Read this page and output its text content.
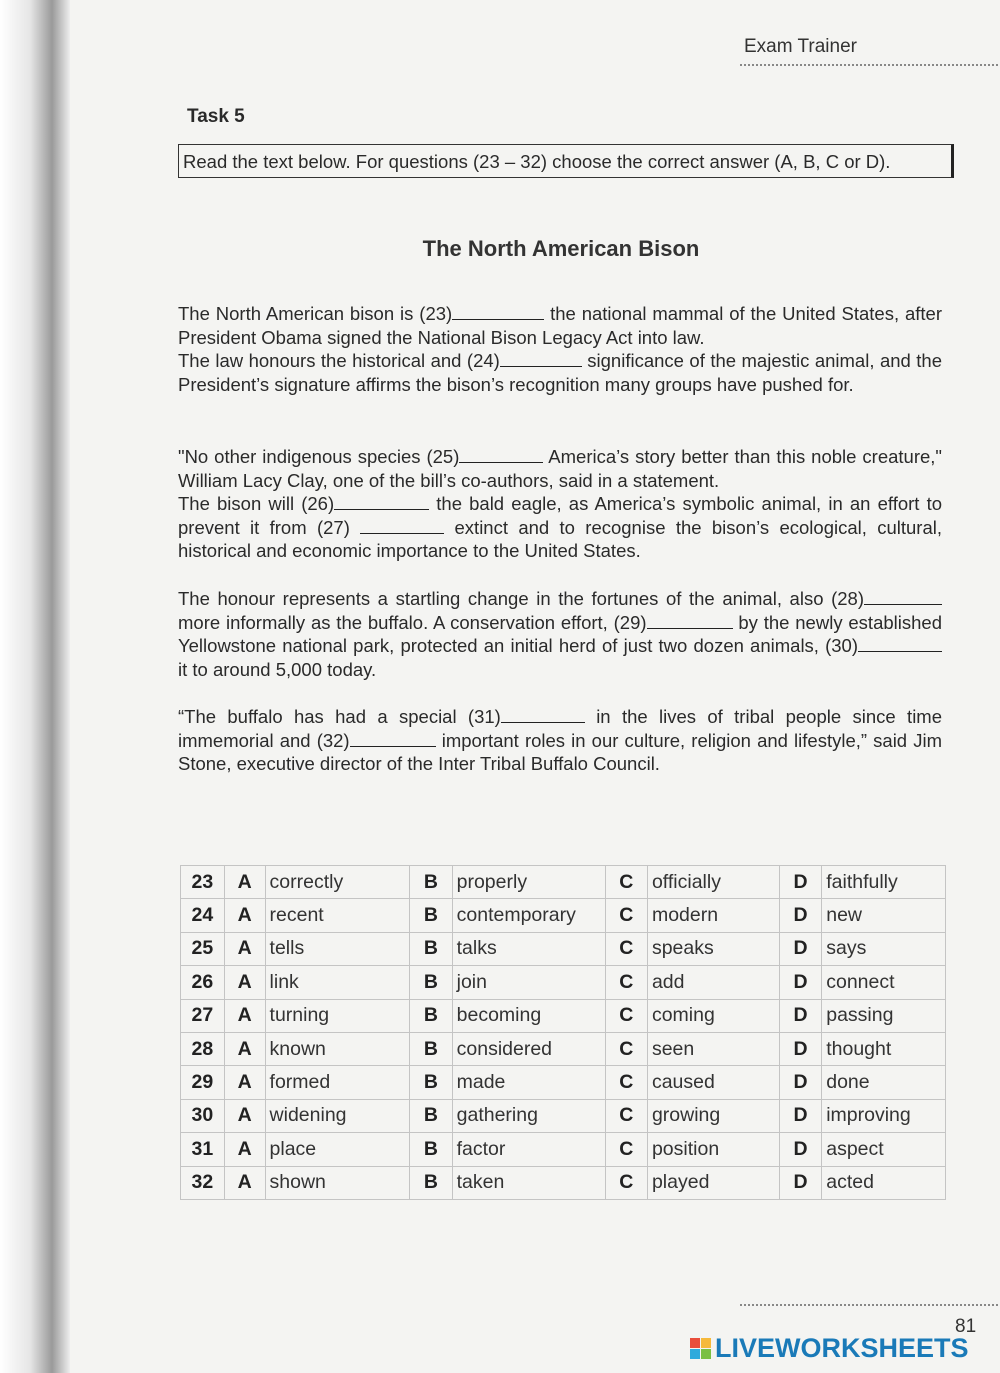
Exam Trainer
Task 5
Read the text below. For questions (23 – 32) choose the correct answer (A, B, C or D).
The North American Bison

The North American bison is (23)	the national mammal of the United States, after President Obama signed the National Bison Legacy Act into law.

The law honours the historical and (24)	significance of the majestic animal, and the President’s signature affirms the bison’s recognition many groups have pushed for.

"No other indigenous species (25)	America’s story better than this noble creature," William Lacy Clay, one of the bill’s co-authors, said in a statement.

The bison will (26)	the bald eagle, as America’s symbolic animal, in an effort to prevent it from (27)	extinct and to recognise the bison’s ecological, cultural, historical and economic importance to the United States.

The honour represents a startling change in the fortunes of the animal, also (28) more informally as the buffalo. A conservation effort, (29)	by the newly established Yellowstone national park, protected an initial herd of just two dozen animals, (30) it to around 5,000 today.

“The buffalo has had a special (31)	in the lives of tribal people since time immemorial and (32)	important roles in our culture, religion and lifestyle,” said Jim Stone, executive director of the Inter Tribal Buffalo Council.

23	A	correctly	B	properly	C	officially	D	faithfully
24	A	recent	B	contemporary	C	modern	D	new
25	A	tells	B	talks	C	speaks	D	says
26	A	link	B	join	C	add	D	connect
27	A	turning	B	becoming	C	coming	D	passing
28	A	known	B	considered	C	seen	D	thought
29	A	formed	B	made	C	caused	D	done
30	A	widening	B	gathering	C	growing	D	improving
31	A	place	B	factor	C	position	D	aspect
32	A	shown	B	taken	C	played	D	acted
81
LIVEWORKSHEETS
